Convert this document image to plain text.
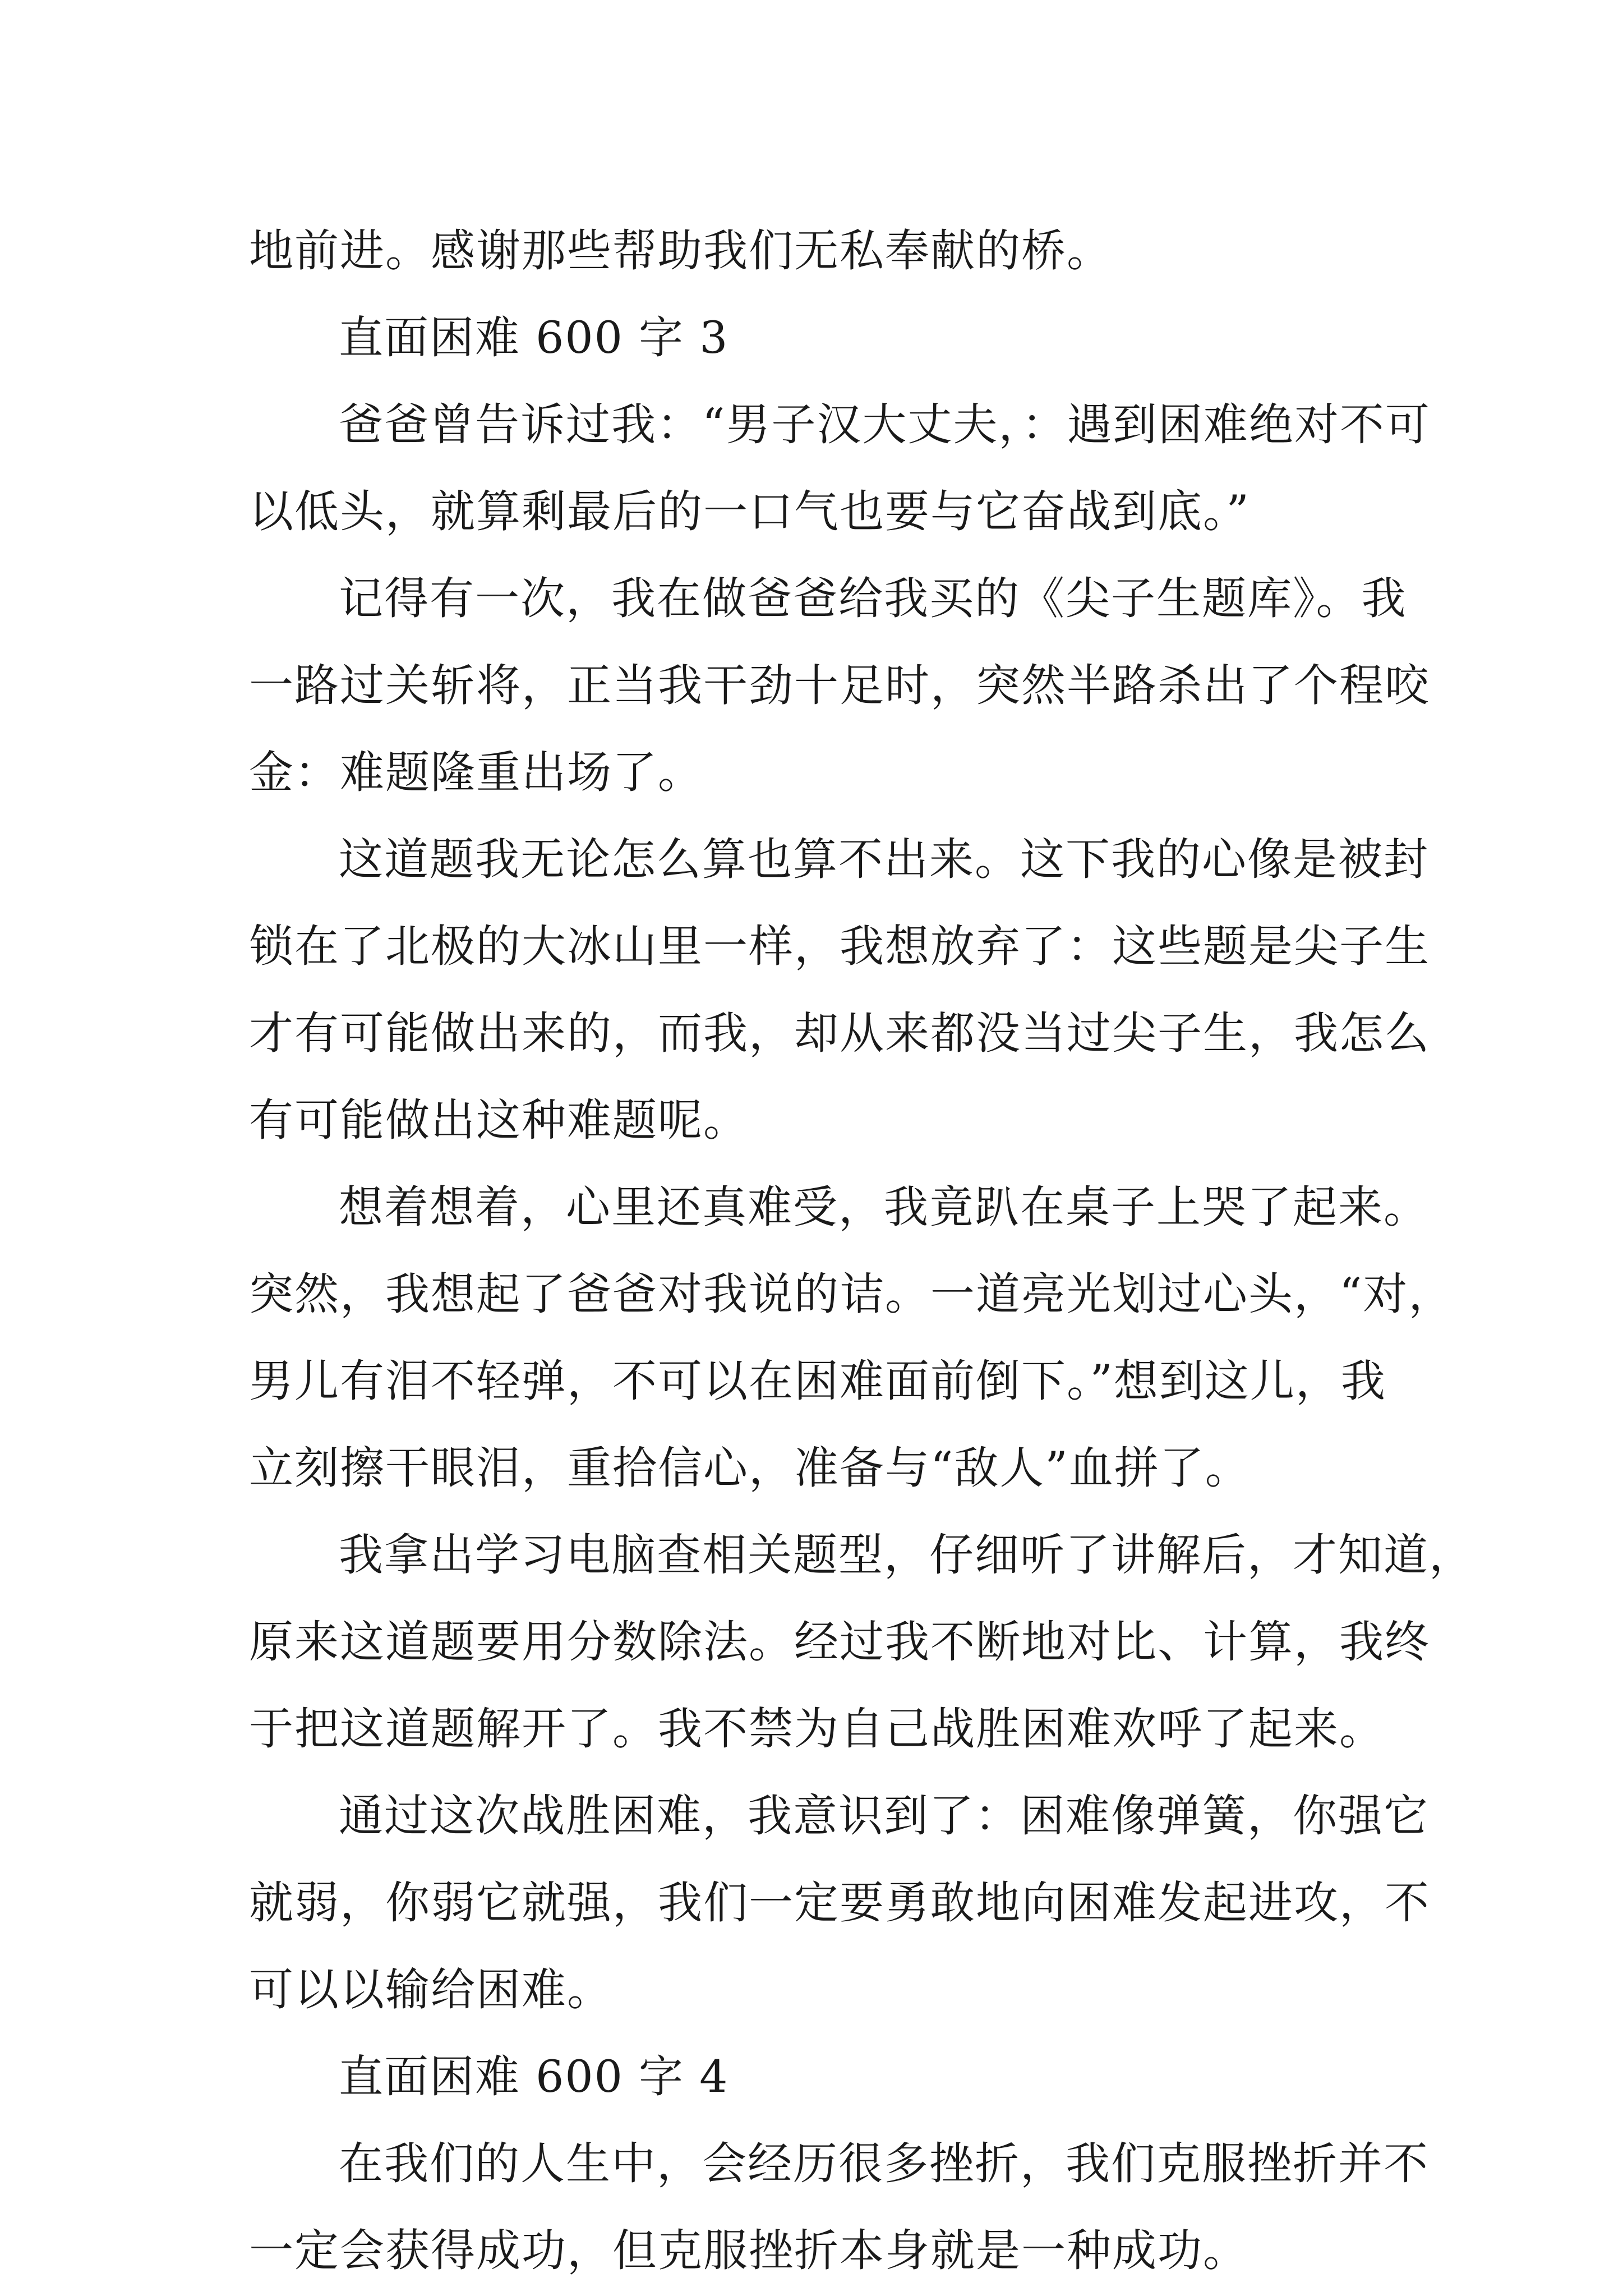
地前进。感谢那些帮助我们无私奉献的桥。
直面困难 600 字 3
爸爸曾告诉过我：“男子汉大丈夫，：遇到困难绝对不可
以低头，就算剩最后的一口气也要与它奋战到底。”
记得有一次，我在做爸爸给我买的《尖子生题库》。我
一路过关斩将，正当我干劲十足时，突然半路杀出了个程咬
金：难题隆重出场了。
这道题我无论怎么算也算不出来。这下我的心像是被封
锁在了北极的大冰山里一样，我想放弃了：这些题是尖子生
才有可能做出来的，而我，却从来都没当过尖子生，我怎么
有可能做出这种难题呢。
想着想着，心里还真难受，我竟趴在桌子上哭了起来。
突然，我想起了爸爸对我说的诘。一道亮光划过心头，“对，
男儿有泪不轻弹，不可以在困难面前倒下。”想到这儿，我
立刻擦干眼泪，重拾信心，准备与“敌人”血拼了。
我拿出学习电脑查相关题型，仔细听了讲解后，才知道，
原来这道题要用分数除法。经过我不断地对比、计算，我终
于把这道题解开了。我不禁为自己战胜困难欢呼了起来。
通过这次战胜困难，我意识到了：困难像弹簧，你强它
就弱，你弱它就强，我们一定要勇敢地向困难发起进攻，不
可以以输给困难。
直面困难 600 字 4
在我们的人生中，会经历很多挫折，我们克服挫折并不
一定会获得成功，但克服挫折本身就是一种成功。
